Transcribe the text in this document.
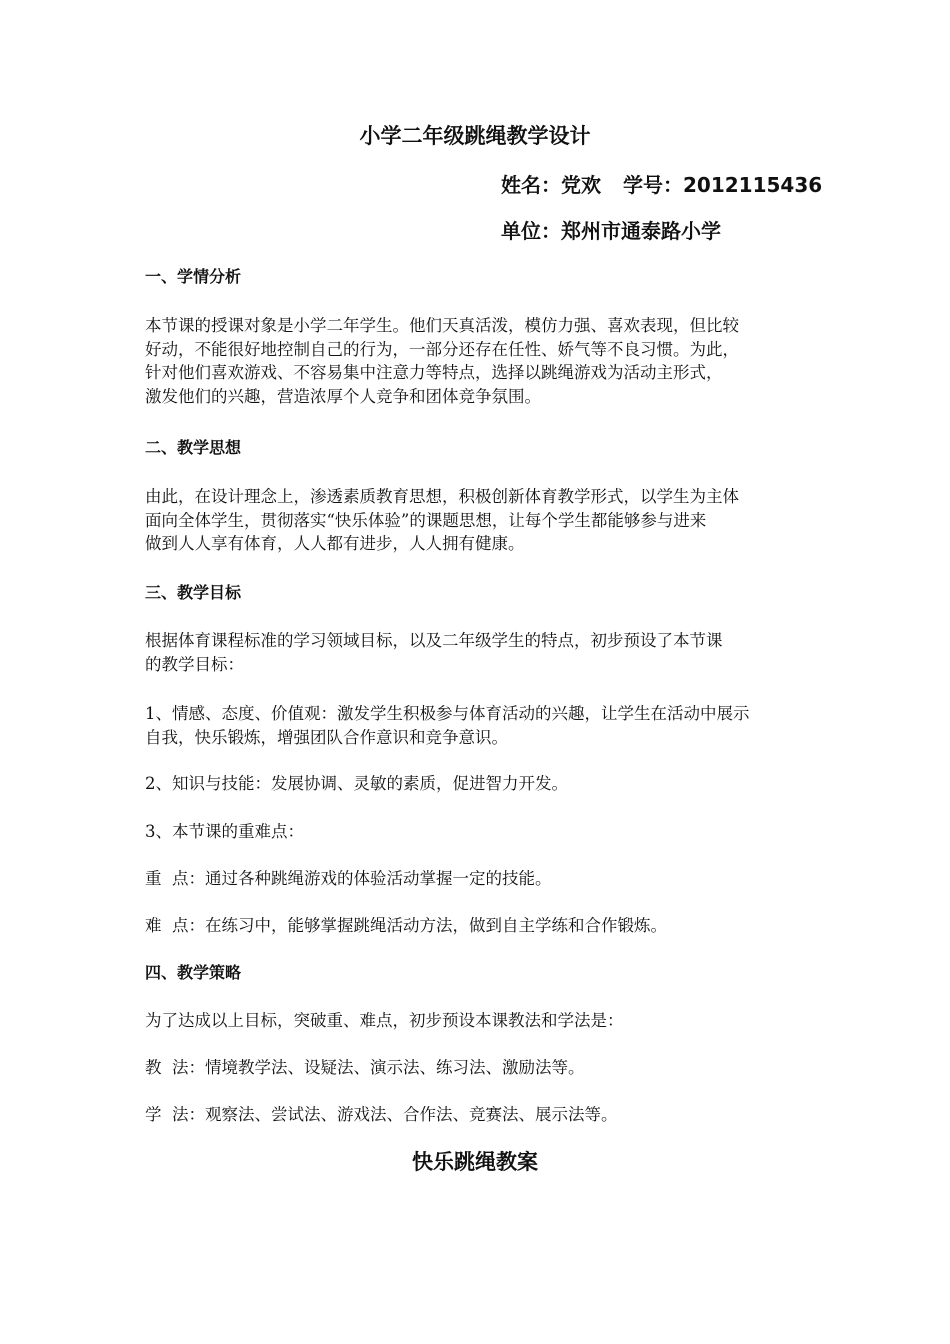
小学二年级跳绳教学设计
姓名：党欢 学号：2012115436
单位：郑州市通泰路小学
一、学情分析
本节课的授课对象是小学二年学生。他们天真活泼，模仿力强、喜欢表现，但比较
好动，不能很好地控制自己的行为，一部分还存在任性、娇气等不良习惯。为此，
针对他们喜欢游戏、不容易集中注意力等特点，选择以跳绳游戏为活动主形式，
激发他们的兴趣，营造浓厚个人竞争和团体竞争氛围。
二、教学思想
由此，在设计理念上，渗透素质教育思想，积极创新体育教学形式，以学生为主体
面向全体学生，贯彻落实“快乐体验”的课题思想，让每个学生都能够参与进来
做到人人享有体育，人人都有进步，人人拥有健康。
三、教学目标
根据体育课程标准的学习领域目标，以及二年级学生的特点，初步预设了本节课
的教学目标：
1、情感、态度、价值观：激发学生积极参与体育活动的兴趣，让学生在活动中展示
自我，快乐锻炼，增强团队合作意识和竞争意识。
2、知识与技能：发展协调、灵敏的素质，促进智力开发。
3、本节课的重难点：
重  点：通过各种跳绳游戏的体验活动掌握一定的技能。
难  点：在练习中，能够掌握跳绳活动方法，做到自主学练和合作锻炼。
四、教学策略
为了达成以上目标，突破重、难点，初步预设本课教法和学法是：
教  法：情境教学法、设疑法、演示法、练习法、激励法等。
学  法：观察法、尝试法、游戏法、合作法、竞赛法、展示法等。
快乐跳绳教案
